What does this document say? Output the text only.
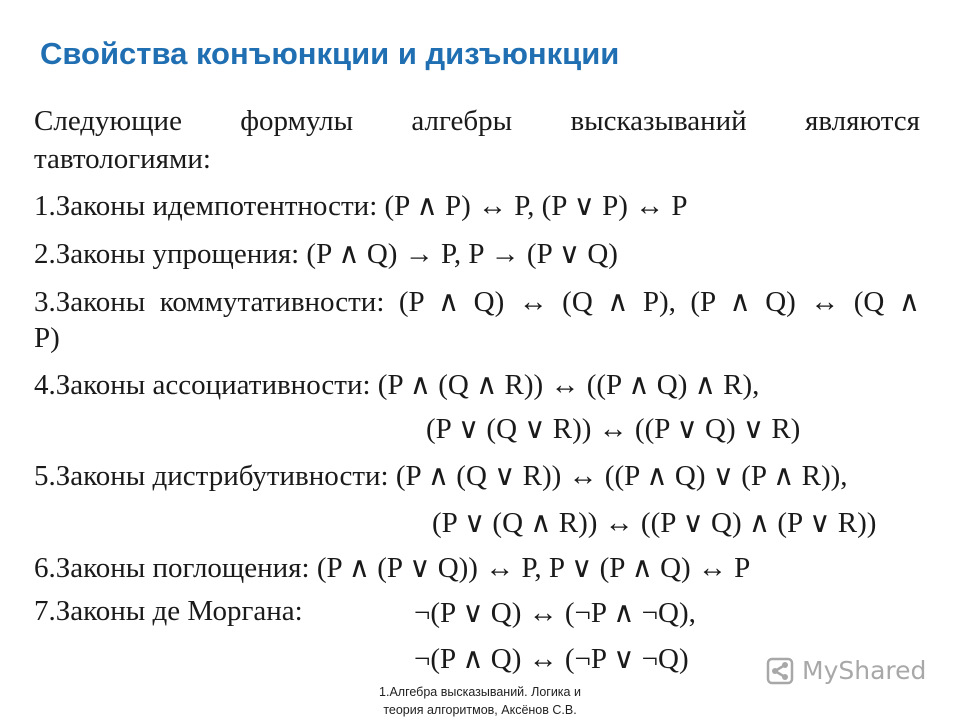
Свойства конъюнкции и дизъюнкции
Следующие формулы алгебры высказываний являются
тавтологиями:
1.Законы идемпотентности: (P ∧ P) ↔ P, (P ∨ P) ↔ P
2.Законы упрощения: (P ∧ Q) → P, P → (P ∨ Q)
3.Законы коммутативности: (P ∧ Q) ↔ (Q ∧ P), (P ∧ Q) ↔ (Q ∧
P)
4.Законы ассоциативности: (P ∧ (Q ∧ R)) ↔ ((P ∧ Q) ∧ R),
(P ∨ (Q ∨ R)) ↔ ((P ∨ Q) ∨ R)
5.Законы дистрибутивности: (P ∧ (Q ∨ R)) ↔ ((P ∧ Q) ∨ (P ∧ R)),
(P ∨ (Q ∧ R)) ↔ ((P ∨ Q) ∧ (P ∨ R))
6.Законы поглощения: (P ∧ (P ∨ Q)) ↔ P, P ∨ (P ∧ Q) ↔ P
7.Законы де Моргана:	¬(P ∨ Q) ↔ (¬P ∧ ¬Q),
¬(P ∧ Q) ↔ (¬P ∨ ¬Q)
1.Алгебра высказываний. Логика и
теория алгоритмов, Аксёнов С.В.
MyShared
